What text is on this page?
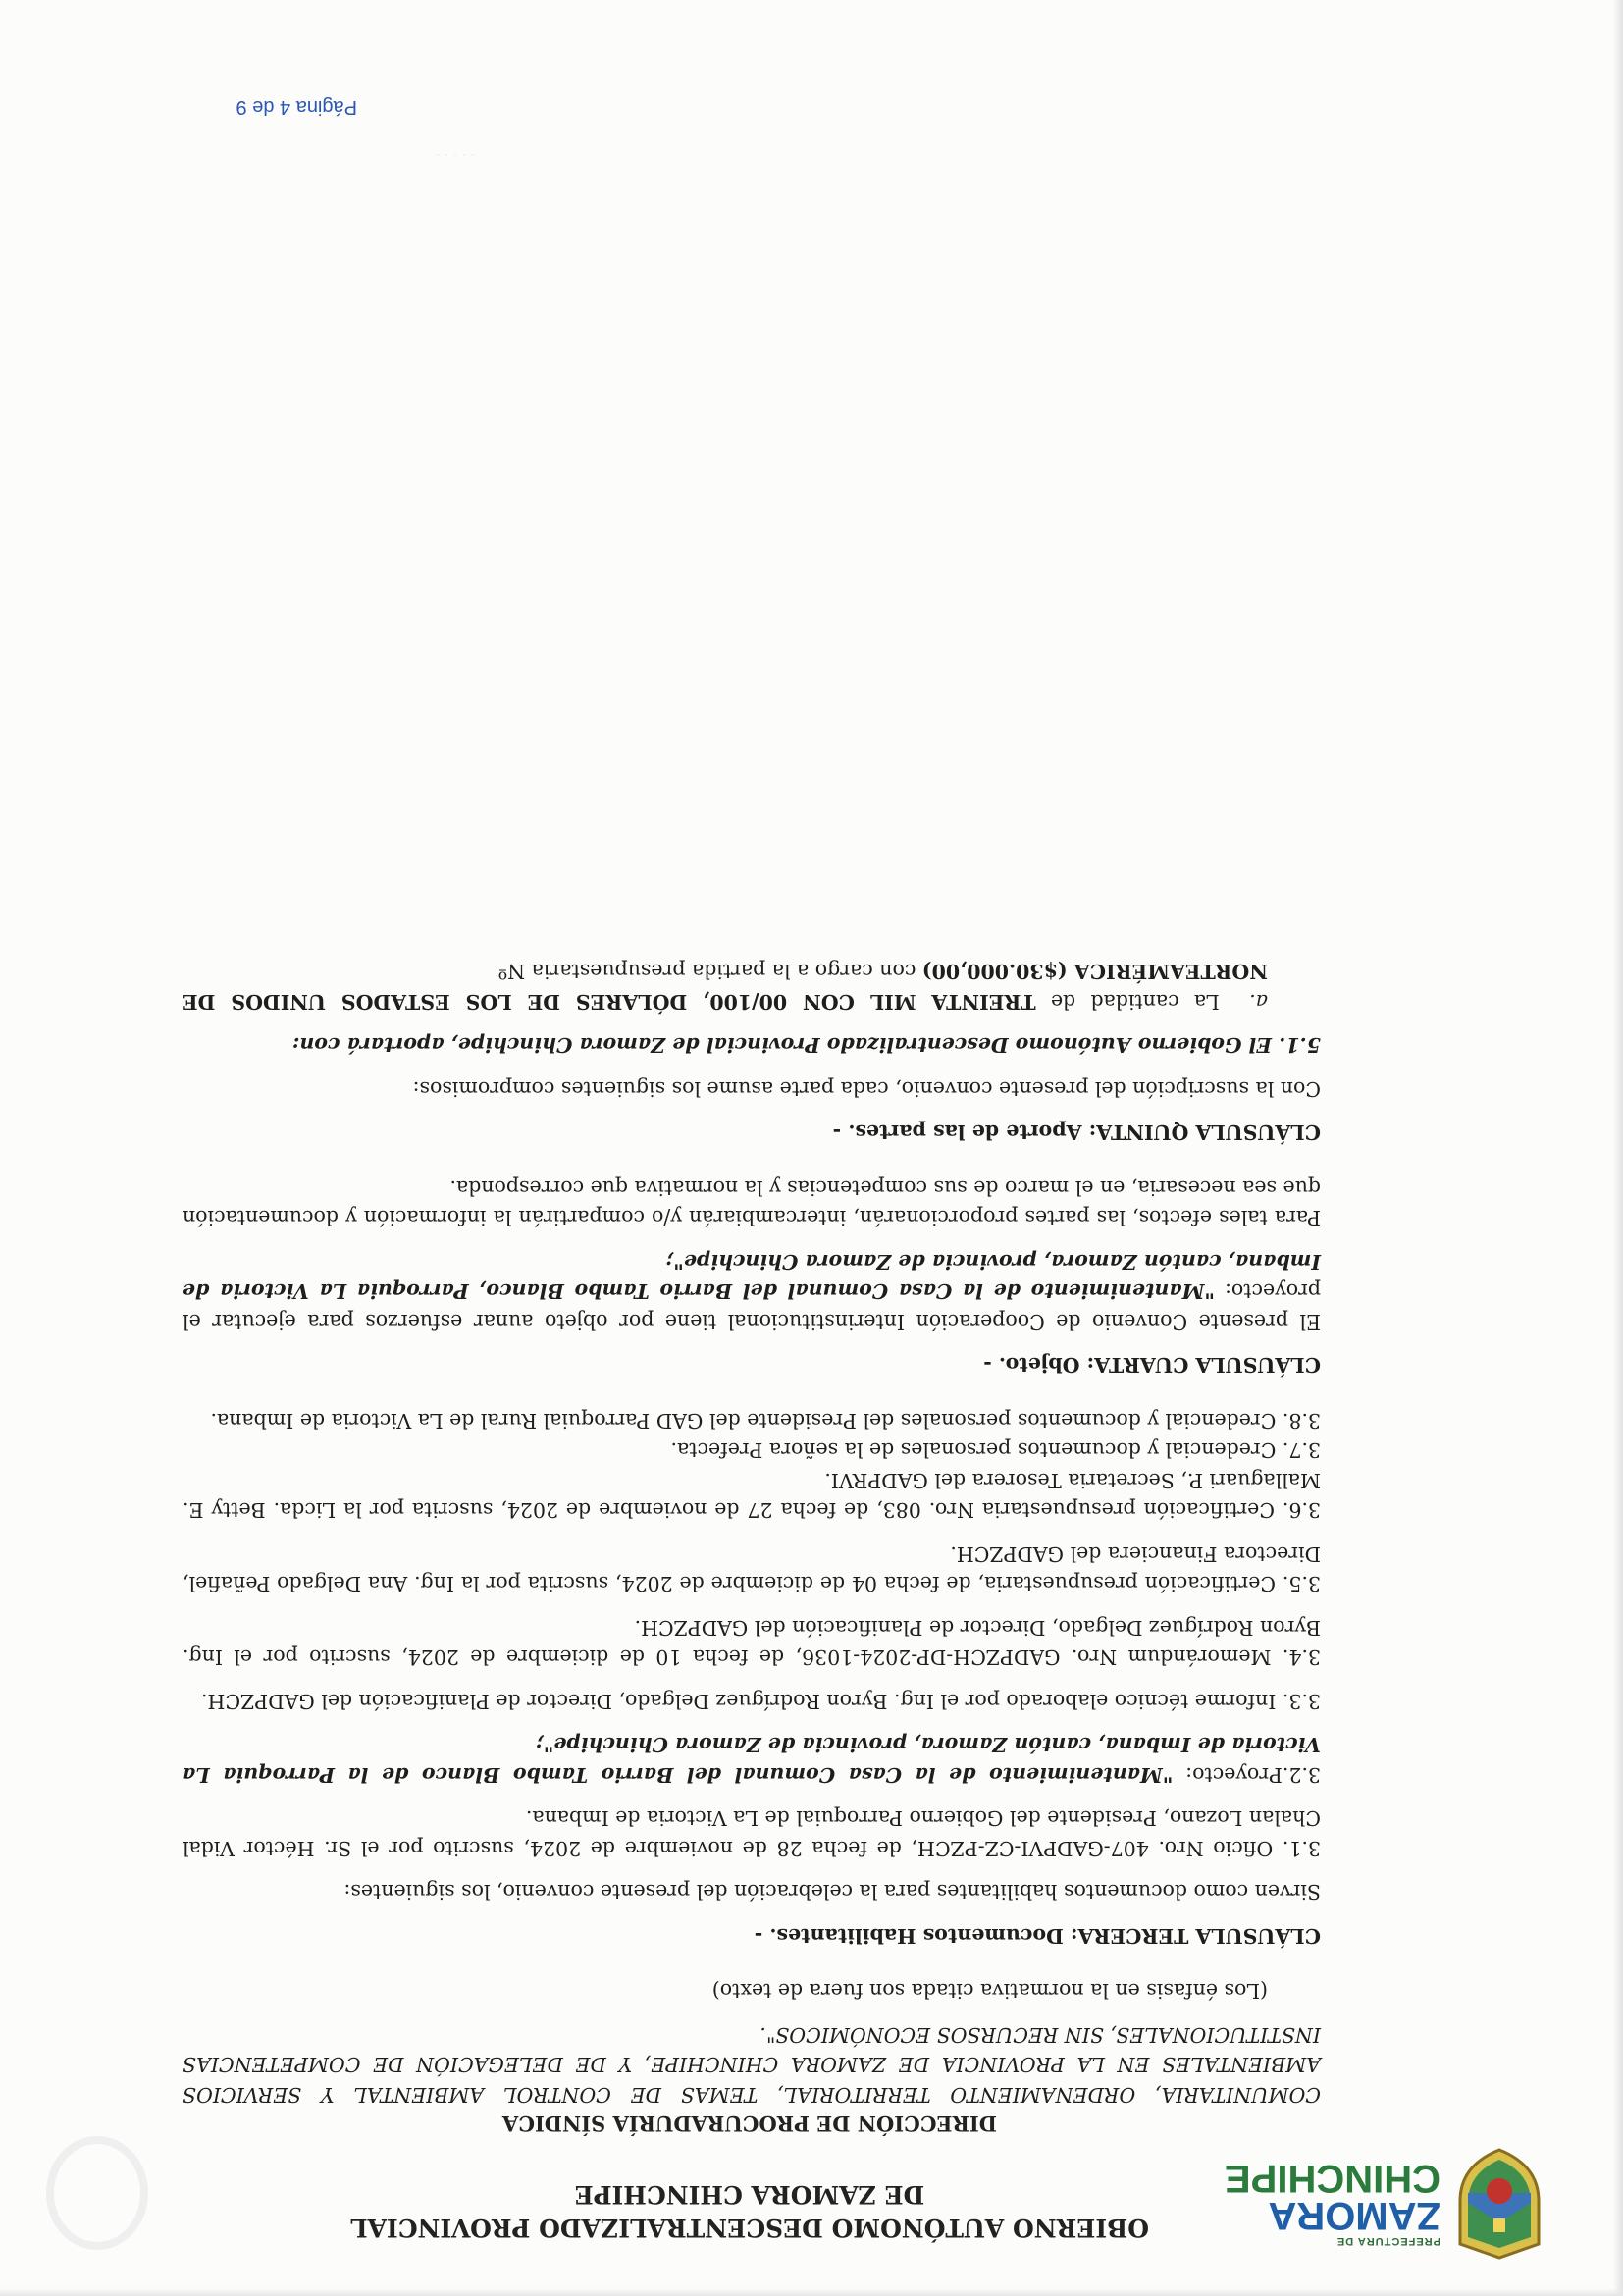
PREFECTURA DE
ZAMORA
CHINCHIPE
OBIERNO AUTÓNOMO DESCENTRALIZADO PROVINCIAL
DE ZAMORA CHINCHIPE
DIRECCIÓN DE PROCURADURÍA SÍNDICA

COMUNITARIA, ORDENAMIENTO TERRITORIAL, TEMAS DE CONTROL AMBIENTAL Y SERVICIOS AMBIENTALES EN LA PROVINCIA DE ZAMORA CHINCHIPE, Y DE DELEGACIÓN DE COMPETENCIAS INSTITUCIONALES, SIN RECURSOS ECONÓMICOS".

(Los énfasis en la normativa citada son fuera de texto)

CLÁUSULA TERCERA: Documentos Habilitantes. -

Sirven como documentos habilitantes para la celebración del presente convenio, los siguientes:

3.1. Oficio Nro. 407-GADPVI-CZ-PZCH, de fecha 28 de noviembre de 2024, suscrito por el Sr. Héctor Vidal Chalan Lozano, Presidente del Gobierno Parroquial de La Victoria de Imbana.

3.2.Proyecto: "Mantenimiento de la Casa Comunal del Barrio Tambo Blanco de la Parroquia La Victoria de Imbana, cantón Zamora, provincia de Zamora Chinchipe";

3.3. Informe técnico elaborado por el Ing. Byron Rodríguez Delgado, Director de Planificación del GADPZCH.

3.4. Memorándum Nro. GADPZCH-DP-2024-1036, de fecha 10 de diciembre de 2024, suscrito por el Ing. Byron Rodríguez Delgado, Director de Planificación del GADPZCH.

3.5. Certificación presupuestaria, de fecha 04 de diciembre de 2024, suscrita por la Ing. Ana Delgado Peñafiel, Directora Financiera del GADPZCH.

3.6. Certificación presupuestaria Nro. 083, de fecha 27 de noviembre de 2024, suscrita por la Licda. Betty E. Mallaguari P., Secretaria Tesorera del GADPRVI.

3.7. Credencial y documentos personales de la señora Prefecta.

3.8. Credencial y documentos personales del Presidente del GAD Parroquial Rural de La Victoria de Imbana.

CLÁUSULA CUARTA: Objeto. -

El presente Convenio de Cooperación Interinstitucional tiene por objeto aunar esfuerzos para ejecutar el proyecto: "Mantenimiento de la Casa Comunal del Barrio Tambo Blanco, Parroquia La Victoria de Imbana, cantón Zamora, provincia de Zamora Chinchipe";

Para tales efectos, las partes proporcionarán, intercambiarán y/o compartirán la información y documentación que sea necesaria, en el marco de sus competencias y la normativa que corresponda.

CLÁUSULA QUINTA: Aporte de las partes. -

Con la suscripción del presente convenio, cada parte asume los siguientes compromisos:

5.1. El Gobierno Autónomo Descentralizado Provincial de Zamora Chinchipe, aportará con:

a.  La cantidad de TREINTA MIL CON 00/100, DÓLARES DE LOS ESTADOS UNIDOS DE NORTEAMÉRICA ($30.000,00) con cargo a la partida presupuestaria Nº

. . . . .
Página 4 de 9
